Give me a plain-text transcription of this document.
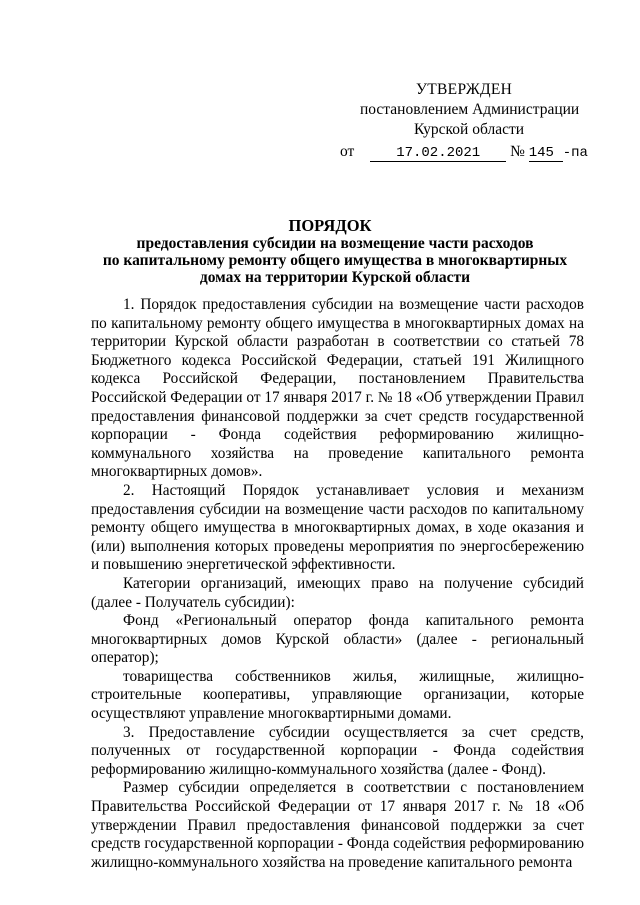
УТВЕРЖДЕН
постановлением Администрации
Курской области
от	17.02.2021 № 145 -па
ПОРЯДОК
предоставления субсидии на возмещение части расходов
по капитальному ремонту общего имущества в многоквартирных
домах на территории Курской области

1. Порядок предоставления субсидии на возмещение части расходов по капитальному ремонту общего имущества в многоквартирных домах на территории Курской области разработан в соответствии со статьей 78 Бюджетного кодекса Российской Федерации, статьей 191 Жилищного кодекса Российской Федерации, постановлением Правительства Российской Федерации от 17 января 2017 г. № 18 «Об утверждении Правил предоставления финансовой поддержки за счет средств государственной корпорации - Фонда содействия реформированию жилищно-коммунального хозяйства на проведение капитального ремонта многоквартирных домов».

2. Настоящий Порядок устанавливает условия и механизм предоставления субсидии на возмещение части расходов по капитальному ремонту общего имущества в многоквартирных домах, в ходе оказания и (или) выполнения которых проведены мероприятия по энергосбережению и повышению энергетической эффективности.

Категории организаций, имеющих право на получение субсидий (далее - Получатель субсидии):

Фонд «Региональный оператор фонда капитального ремонта многоквартирных домов Курской области» (далее - региональный оператор);

товарищества собственников жилья, жилищные, жилищно-строительные кооперативы, управляющие организации, которые осуществляют управление многоквартирными домами.

3. Предоставление субсидии осуществляется за счет средств, полученных от государственной корпорации - Фонда содействия реформированию жилищно-коммунального хозяйства (далее - Фонд).

Размер субсидии определяется в соответствии с постановлением Правительства Российской Федерации от 17 января 2017 г. № 18 «Об утверждении Правил предоставления финансовой поддержки за счет средств государственной корпорации - Фонда содействия реформированию жилищно-коммунального хозяйства на проведение капитального ремонта
